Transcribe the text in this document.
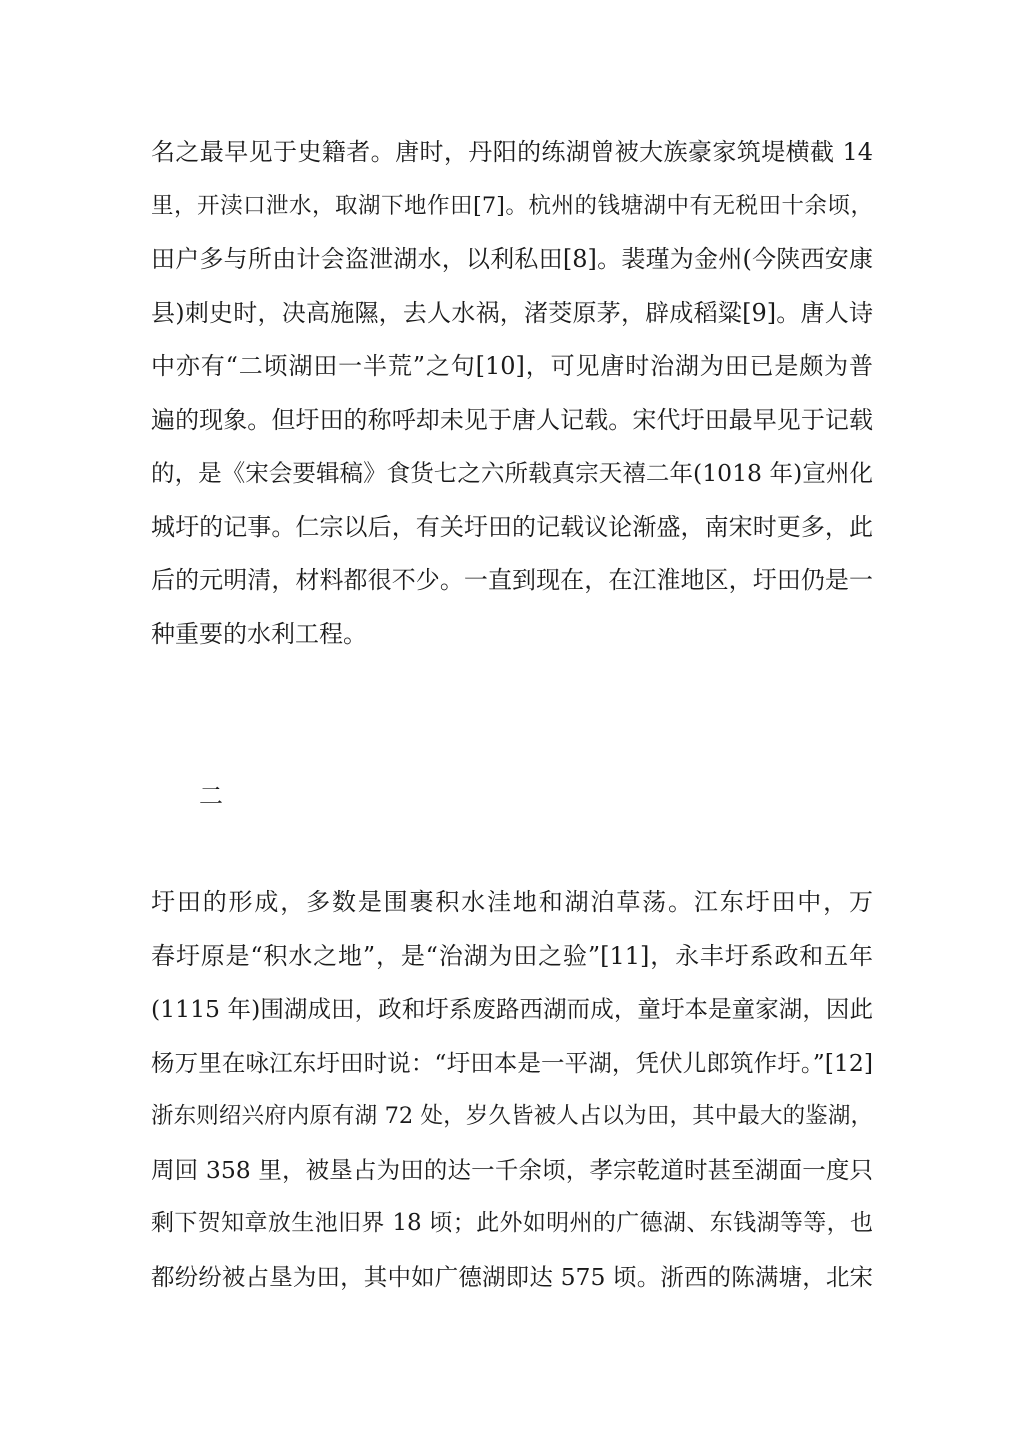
名之最早见于史籍者。唐时，丹阳的练湖曾被大族豪家筑堤横截 14
里，开渎口泄水，取湖下地作田[7]。杭州的钱塘湖中有无税田十余顷，
田户多与所由计会盗泄湖水，以利私田[8]。裴瑾为金州(今陕西安康
县)刺史时，决高施隰，去人水祸，渚茭原茅，辟成稻粱[9]。唐人诗
中亦有“二顷湖田一半荒”之句[10]，可见唐时治湖为田已是颇为普
遍的现象。但圩田的称呼却未见于唐人记载。宋代圩田最早见于记载
的，是《宋会要辑稿》食货七之六所载真宗天禧二年(1018 年)宣州化
城圩的记事。仁宗以后，有关圩田的记载议论渐盛，南宋时更多，此
后的元明清，材料都很不少。一直到现在，在江淮地区，圩田仍是一
种重要的水利工程。
二
圩田的形成，多数是围裹积水洼地和湖泊草荡。江东圩田中，万
春圩原是“积水之地”，是“治湖为田之验”[11]，永丰圩系政和五年
(1115 年)围湖成田，政和圩系废路西湖而成，童圩本是童家湖，因此
杨万里在咏江东圩田时说：“圩田本是一平湖，凭伏儿郎筑作圩。”[12]
浙东则绍兴府内原有湖 72 处，岁久皆被人占以为田，其中最大的鉴湖，
周回 358 里，被垦占为田的达一千余顷，孝宗乾道时甚至湖面一度只
剩下贺知章放生池旧界 18 顷；此外如明州的广德湖、东钱湖等等，也
都纷纷被占垦为田，其中如广德湖即达 575 顷。浙西的陈满塘，北宋
